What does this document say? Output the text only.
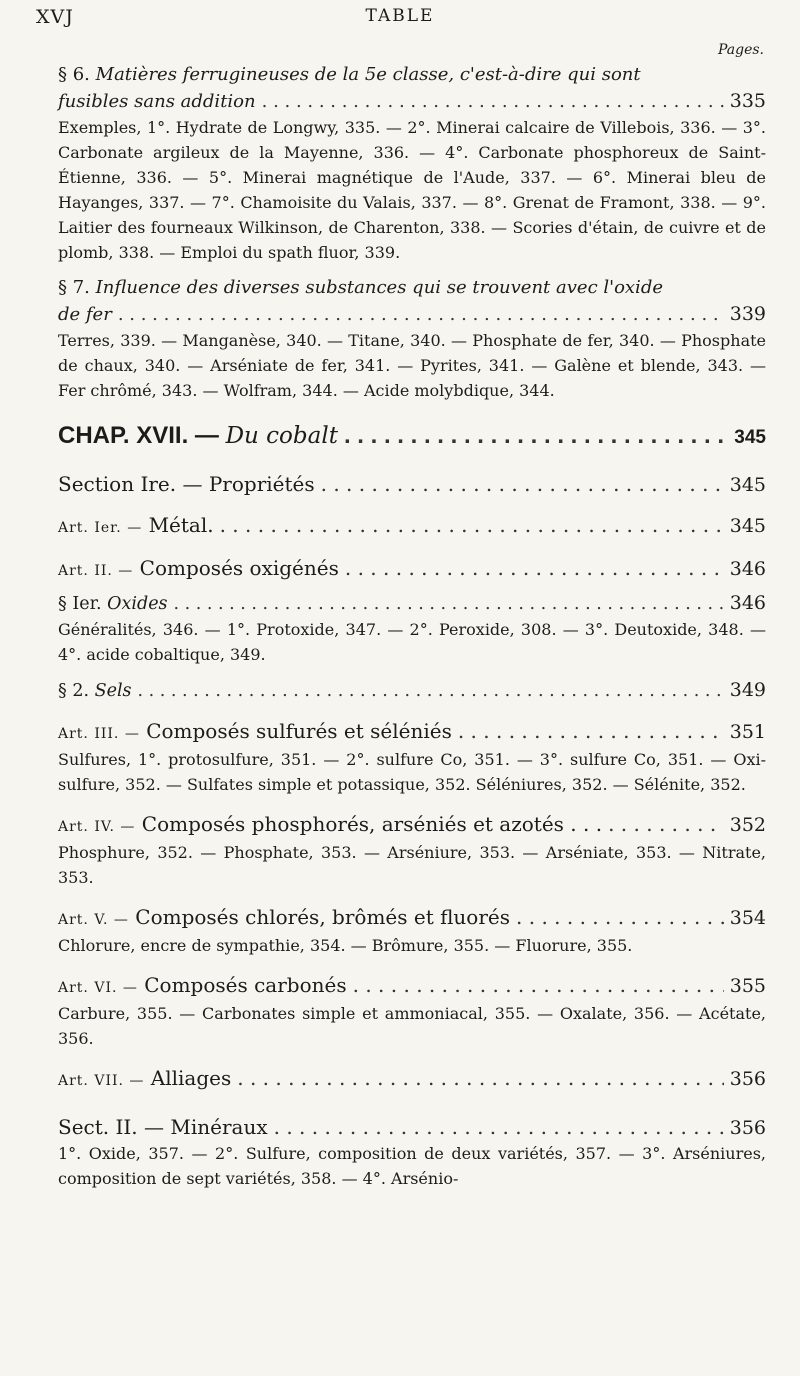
XVJ	TABLE
Pages.
§ 6. Matières ferrugineuses de la 5e classe, c'est-à-dire qui sont
fusibles sans addition . . .	335
Exemples, 1°. Hydrate de Longwy, 335. — 2°. Minerai calcaire de Villebois, 336. — 3°. Carbonate argileux de la Mayenne, 336. — 4°. Carbonate phosphoreux de Saint-Étienne, 336. — 5°. Minerai magnétique de l'Aude, 337. — 6°. Minerai bleu de Hayanges, 337. — 7°. Chamoisite du Valais, 337. — 8°. Grenat de Framont, 338. — 9°. Laitier des fourneaux Wilkinson, de Charenton, 338. — Scories d'étain, de cuivre et de plomb, 338. — Emploi du spath fluor, 339.
§ 7. Influence des diverses substances qui se trouvent avec l'oxide
de fer . . .	339
Terres, 339. — Manganèse, 340. — Titane, 340. — Phosphate de fer, 340. — Phosphate de chaux, 340. — Arséniate de fer, 341. — Pyrites, 341. — Galène et blende, 343. — Fer chrômé, 343. — Wolfram, 344. — Acide molybdique, 344.
CHAP. XVII. — Du cobalt . . .	345
Section Ire. — Propriétés . . .	345
Art. Ier. — Métal. . . .	345
Art. II. — Composés oxigénés . . .	346
§ Ier. Oxides . . .	346
Généralités, 346. — 1°. Protoxide, 347. — 2°. Peroxide, 308. — 3°. Deutoxide, 348. — 4°. acide cobaltique, 349.
§ 2. Sels . . .	349
Art. III. — Composés sulfurés et séléniés . . .	351
Sulfures, 1°. protosulfure, 351. — 2°. sulfure Co, 351. — 3°. sulfure Co, 351. — Oxi-sulfure, 352. — Sulfates simple et potassique, 352. Séléniures, 352. — Sélénite, 352.
Art. IV. — Composés phosphorés, arséniés et azotés . . . . . .	352
Phosphure, 352. — Phosphate, 353. — Arséniure, 353. — Arséniate, 353. — Nitrate, 353.
Art. V. — Composés chlorés, brômés et fluorés . . .	354
Chlorure, encre de sympathie, 354. — Brômure, 355. — Fluorure, 355.
Art. VI. — Composés carbonés . . .	355
Carbure, 355. — Carbonates simple et ammoniacal, 355. — Oxalate, 356. — Acétate, 356.
Art. VII. — Alliages . . .	356
Sect. II. — Minéraux . . .	356
1°. Oxide, 357. — 2°. Sulfure, composition de deux variétés, 357. — 3°. Arséniures, composition de sept variétés, 358. — 4°. Arsénio-
